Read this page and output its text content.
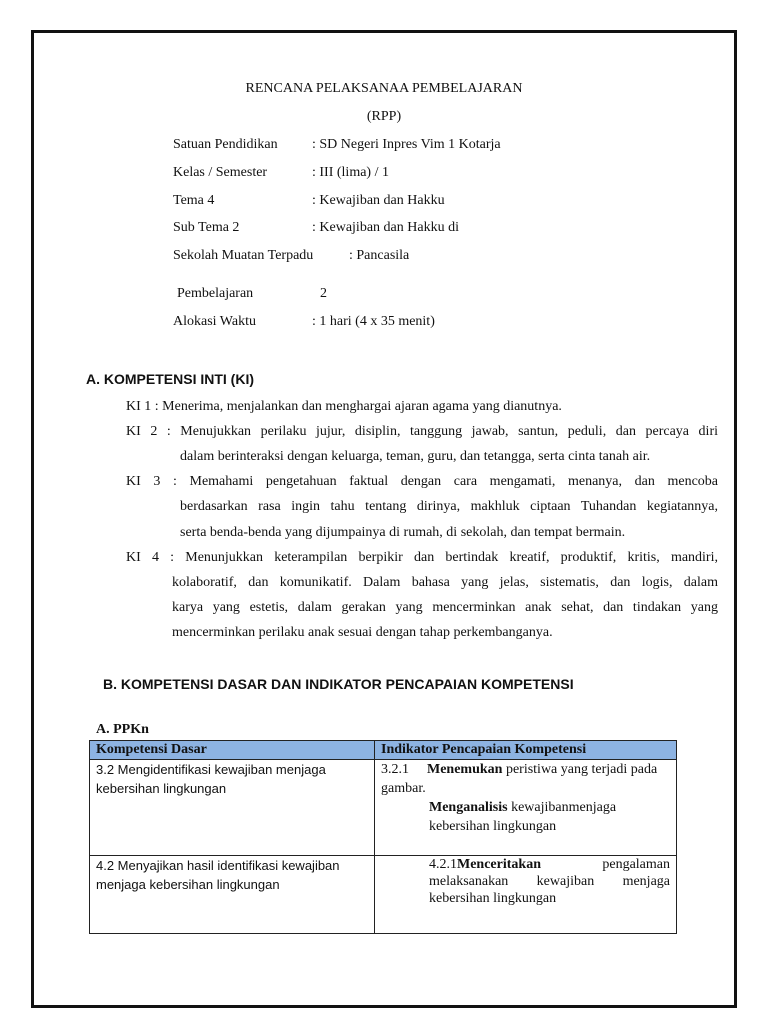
RENCANA PELAKSANAA PEMBELAJARAN
(RPP)
Satuan Pendidikan : SD Negeri Inpres Vim 1 Kotarja
Kelas / Semester	: III (lima) / 1
Tema 4	: Kewajiban dan Hakku
Sub Tema 2	: Kewajiban dan Hakku di
Sekolah Muatan Terpadu	: Pancasila
Pembelajaran	2
Alokasi Waktu	: 1 hari (4 x 35 menit)
A. KOMPETENSI INTI (KI)
KI 1 : Menerima, menjalankan dan menghargai ajaran agama yang dianutnya.
KI 2 : Menujukkan perilaku jujur, disiplin, tanggung jawab, santun, peduli, dan percaya diri
dalam berinteraksi dengan keluarga, teman, guru, dan tetangga, serta cinta tanah air.
KI 3 : Memahami pengetahuan faktual dengan cara mengamati, menanya, dan mencoba
berdasarkan rasa ingin tahu tentang dirinya, makhluk ciptaan Tuhandan kegiatannya,
serta benda-benda yang dijumpainya di rumah, di sekolah, dan tempat bermain.
KI 4 : Menunjukkan keterampilan berpikir dan bertindak kreatif, produktif, kritis, mandiri,
kolaboratif, dan komunikatif. Dalam bahasa yang jelas, sistematis, dan logis, dalam
karya yang estetis, dalam gerakan yang mencerminkan anak sehat, dan tindakan yang
mencerminkan perilaku anak sesuai dengan tahap perkembanganya.
B. KOMPETENSI DASAR DAN INDIKATOR PENCAPAIAN KOMPETENSI
A. PPKn
Kompetensi Dasar	Indikator Pencapaian Kompetensi
3.2 Mengidentifikasi kewajiban menjaga kebersihan lingkungan	3.2.1 Menemukan peristiwa yang terjadi pada gambar.
Menganalisis kewajibanmenjaga kebersihan lingkungan

4.2 Menyajikan hasil identifikasi kewajiban menjaga kebersihan lingkungan	4.2.1Menceritakan pengalaman melaksanakan kewajiban menjaga kebersihan lingkungan
